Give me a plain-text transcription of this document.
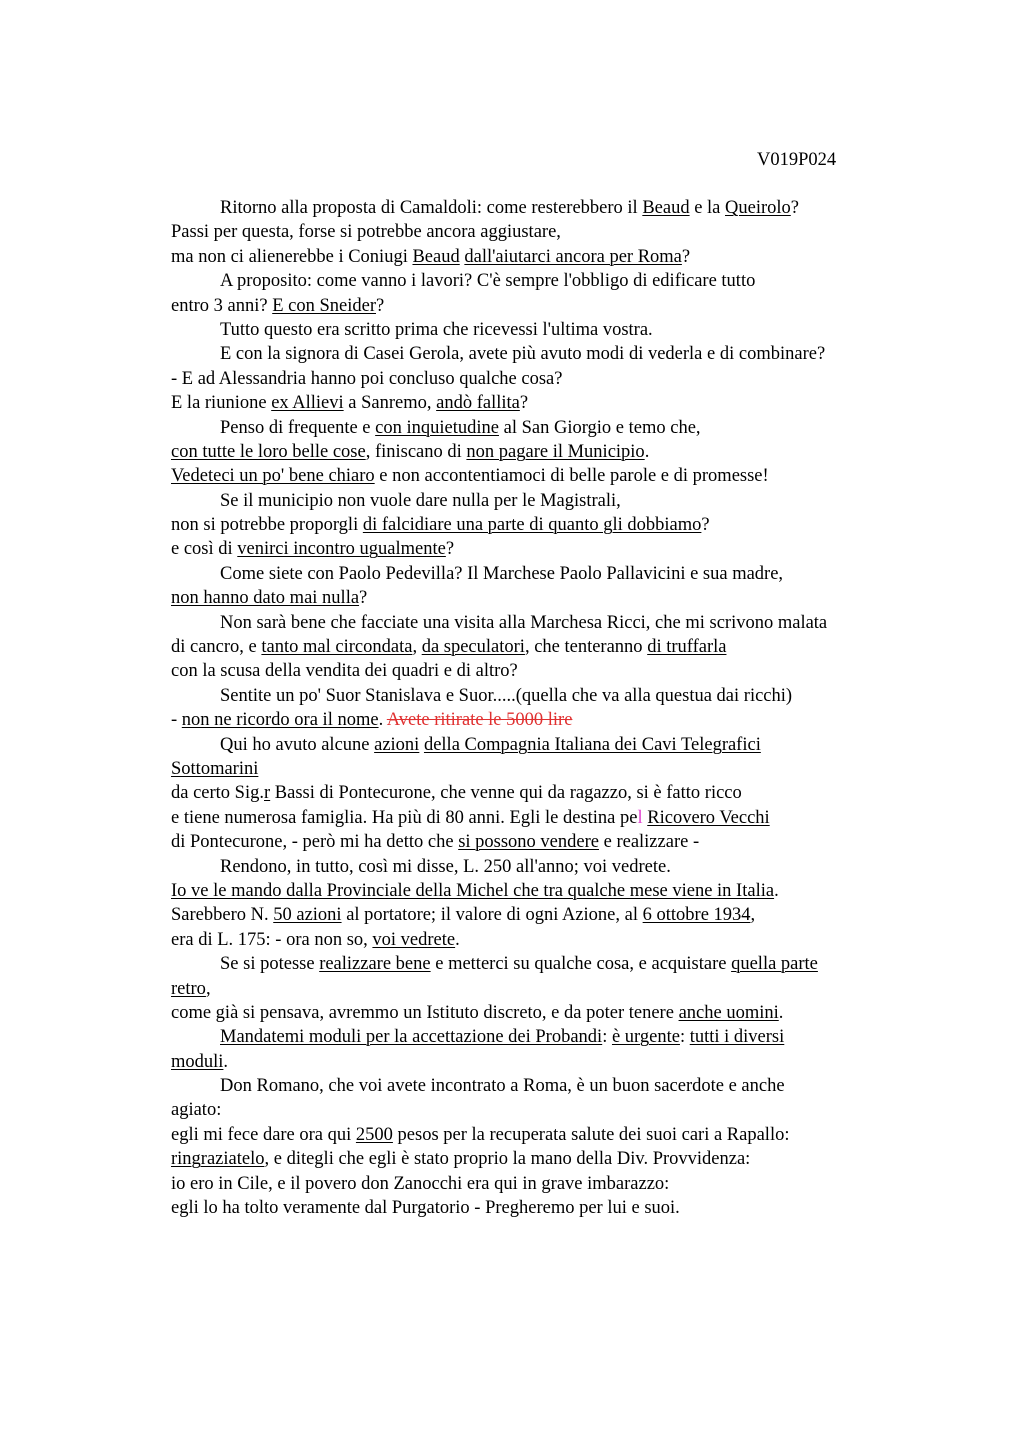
V019P024
Ritorno alla proposta di Camaldoli: come resterebbero il Beaud e la Queirolo?
Passi per questa, forse si potrebbe ancora aggiustare,
ma non ci alienerebbe i Coniugi Beaud dall'aiutarci ancora per Roma?
A proposito: come vanno i lavori? C'è sempre l'obbligo di edificare tutto
entro 3 anni? E con Sneider?
Tutto questo era scritto prima che ricevessi l'ultima vostra.
E con la signora di Casei Gerola, avete più avuto modi di vederla e di combinare?
- E ad Alessandria hanno poi concluso qualche cosa?
E la riunione ex Allievi a Sanremo, andò fallita?
Penso di frequente e con inquietudine al San Giorgio e temo che,
con tutte le loro belle cose, finiscano di non pagare il Municipio.
Vedeteci un po' bene chiaro e non accontentiamoci di belle parole e di promesse!
Se il municipio non vuole dare nulla per le Magistrali,
non si potrebbe proporgli di falcidiare una parte di quanto gli dobbiamo?
e così di venirci incontro ugualmente?
Come siete con Paolo Pedevilla? Il Marchese Paolo Pallavicini e sua madre,
non hanno dato mai nulla?
Non sarà bene che facciate una visita alla Marchesa Ricci, che mi scrivono malata
di cancro, e tanto mal circondata, da speculatori, che tenteranno di truffarla
con la scusa della vendita dei quadri e di altro?
Sentite un po' Suor Stanislava e Suor.....(quella che va alla questua dai ricchi)
- non ne ricordo ora il nome. Avete ritirate le 5000 lire
Qui ho avuto alcune azioni della Compagnia Italiana dei Cavi Telegrafici
Sottomarini
da certo Sig.r Bassi di Pontecurone, che venne qui da ragazzo, si è fatto ricco
e tiene numerosa famiglia. Ha più di 80 anni. Egli le destina pel Ricovero Vecchi
di Pontecurone, - però mi ha detto che si possono vendere e realizzare -
Rendono, in tutto, così mi disse, L. 250 all'anno; voi vedrete.
Io ve le mando dalla Provinciale della Michel che tra qualche mese viene in Italia.
Sarebbero N. 50 azioni al portatore; il valore di ogni Azione, al 6 ottobre 1934,
era di L. 175: - ora non so, voi vedrete.
Se si potesse realizzare bene e metterci su qualche cosa, e acquistare quella parte
retro,
come già si pensava, avremmo un Istituto discreto, e da poter tenere anche uomini.
Mandatemi moduli per la accettazione dei Probandi: è urgente: tutti i diversi
moduli.
Don Romano, che voi avete incontrato a Roma, è un buon sacerdote e anche
agiato:
egli mi fece dare ora qui 2500 pesos per la recuperata salute dei suoi cari a Rapallo:
ringraziatelo, e ditegli che egli è stato proprio la mano della Div. Provvidenza:
io ero in Cile, e il povero don Zanocchi era qui in grave imbarazzo:
egli lo ha tolto veramente dal Purgatorio - Pregheremo per lui e suoi.
